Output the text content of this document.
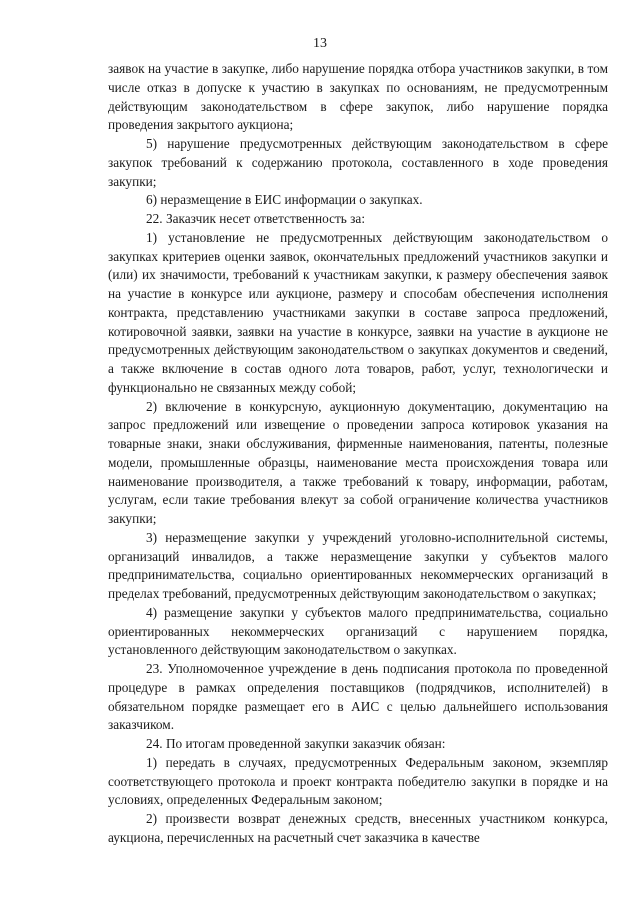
13

заявок на участие в закупке, либо нарушение порядка отбора участников закупки, в том числе отказ в допуске к участию в закупках по основаниям, не предусмотренным действующим законодательством в сфере закупок, либо нарушение порядка проведения закрытого аукциона;

5) нарушение предусмотренных действующим законодательством в сфере закупок требований к содержанию протокола, составленного в ходе проведения закупки;

6) неразмещение в ЕИС информации о закупках.

22. Заказчик несет ответственность за:

1) установление не предусмотренных действующим законодательством о закупках критериев оценки заявок, окончательных предложений участников закупки и (или) их значимости, требований к участникам закупки, к размеру обеспечения заявок на участие в конкурсе или аукционе, размеру и способам обеспечения исполнения контракта, представлению участниками закупки в составе запроса предложений, котировочной заявки, заявки на участие в конкурсе, заявки на участие в аукционе не предусмотренных действующим законодательством о закупках документов и сведений, а также включение в состав одного лота товаров, работ, услуг, технологически и функционально не связанных между собой;

2) включение в конкурсную, аукционную документацию, документацию на запрос предложений или извещение о проведении запроса котировок указания на товарные знаки, знаки обслуживания, фирменные наименования, патенты, полезные модели, промышленные образцы, наименование места происхождения товара или наименование производителя, а также требований к товару, информации, работам, услугам, если такие требования влекут за собой ограничение количества участников закупки;

3) неразмещение закупки у учреждений уголовно-исполнительной системы, организаций инвалидов, а также неразмещение закупки у субъектов малого предпринимательства, социально ориентированных некоммерческих организаций в пределах требований, предусмотренных действующим законодательством о закупках;

4) размещение закупки у субъектов малого предпринимательства, социально ориентированных некоммерческих организаций с нарушением порядка, установленного действующим законодательством о закупках.

23. Уполномоченное учреждение в день подписания протокола по проведенной процедуре в рамках определения поставщиков (подрядчиков, исполнителей) в обязательном порядке размещает его в АИС с целью дальнейшего использования заказчиком.

24. По итогам проведенной закупки заказчик обязан:

1) передать в случаях, предусмотренных Федеральным законом, экземпляр соответствующего протокола и проект контракта победителю закупки в порядке и на условиях, определенных Федеральным законом;

2) произвести возврат денежных средств, внесенных участником конкурса, аукциона, перечисленных на расчетный счет заказчика в качестве
